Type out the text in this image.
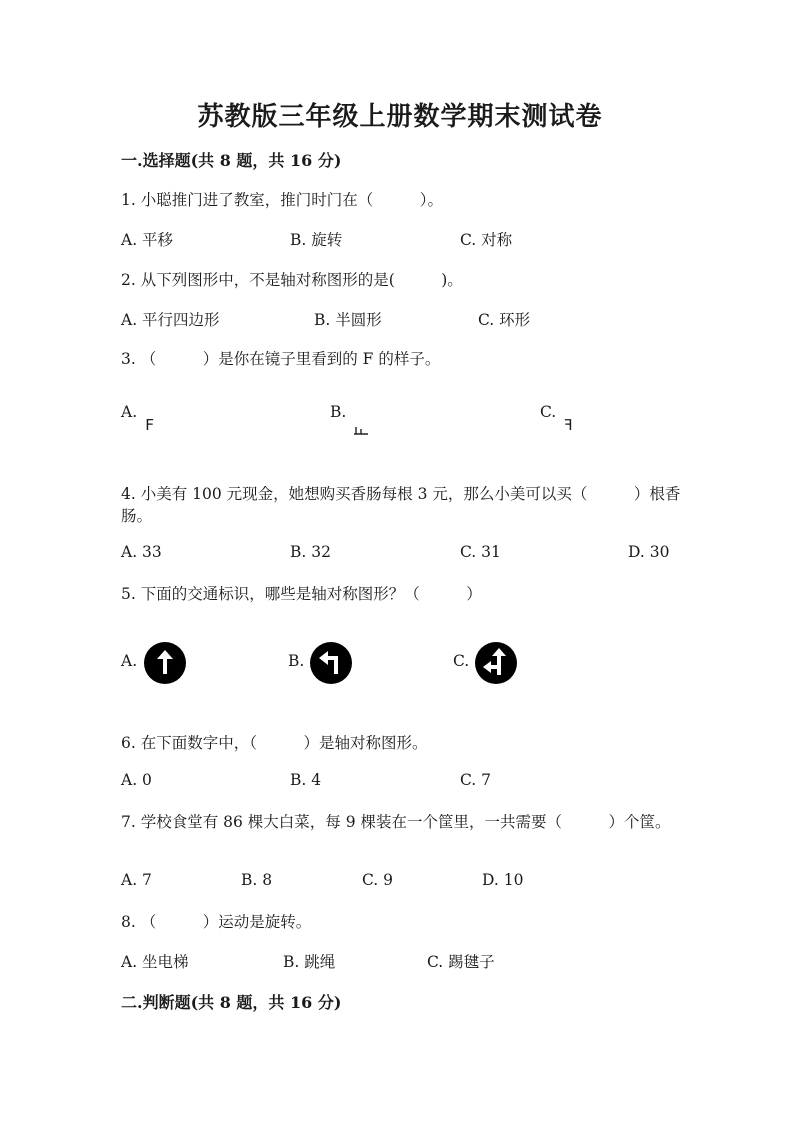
苏教版三年级上册数学期末测试卷
一.选择题(共 8 题，共 16 分)
1. 小聪推门进了教室，推门时门在（　　　）。
A. 平移	B. 旋转	C. 对称
2. 从下列图形中，不是轴对称图形的是(　　　)。
A. 平行四边形	B. 半圆形	C. 环形
3. （　　　）是你在镜子里看到的 F 的样子。
A.
F
B.	C.
ꟻ
4. 小美有 100 元现金，她想购买香肠每根 3 元，那么小美可以买（　　　）根香
肠。
A. 33	B. 32	C. 31	D. 30
5. 下面的交通标识，哪些是轴对称图形？（　　　）
A.	B.	C.
6. 在下面数字中，（　　　）是轴对称图形。
A. 0	B. 4	C. 7
7. 学校食堂有 86 棵大白菜，每 9 棵装在一个筐里，一共需要（　　　）个筐。
A. 7	B. 8	C. 9	D. 10
8. （　　　）运动是旋转。
A. 坐电梯	B. 跳绳	C. 踢毽子
二.判断题(共 8 题，共 16 分)
